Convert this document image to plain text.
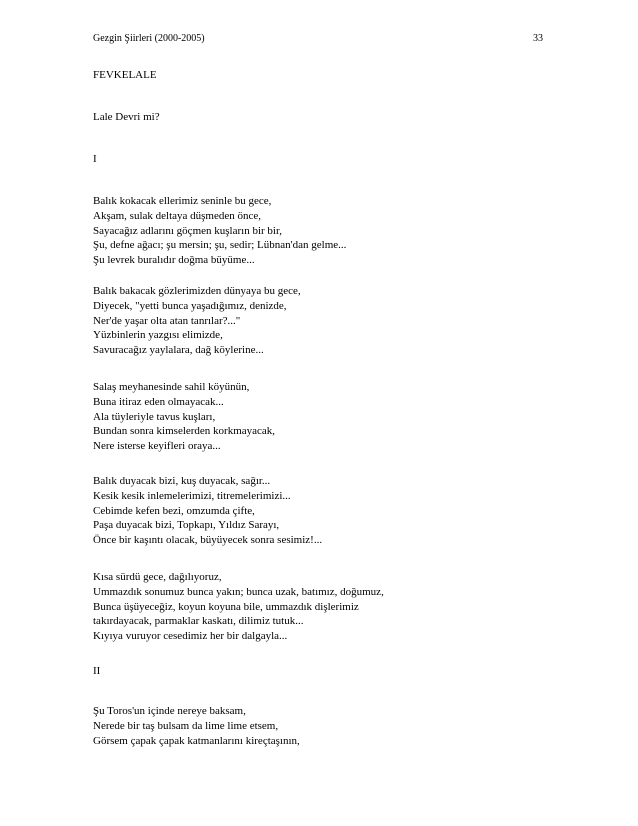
Gezgin Şiirleri (2000-2005)	33
FEVKELALE
Lale Devri mi?
I
Balık kokacak ellerimiz seninle bu gece,
Akşam, sulak deltaya düşmeden önce,
Sayacağız adlarını göçmen kuşların bir bir,
Şu, defne ağacı; şu mersin; şu, sedir; Lübnan'dan gelme...
Şu levrek buralıdır doğma büyüme...
Balık bakacak gözlerimizden dünyaya bu gece,
Diyecek, "yetti bunca yaşadığımız, denizde,
Ner'de yaşar olta atan tanrılar?..."
Yüzbinlerin yazgısı elimizde,
Savuracağız yaylalara, dağ köylerine...
Salaş meyhanesinde sahil köyünün,
Buna itiraz eden olmayacak...
Ala tüyleriyle tavus kuşları,
Bundan sonra kimselerden korkmayacak,
Nere isterse keyifleri oraya...
Balık duyacak bizi, kuş duyacak, sağır...
Kesik kesik inlemelerimizi, titremelerimizi...
Cebimde kefen bezi, omzumda çifte,
Paşa duyacak bizi, Topkapı, Yıldız Sarayı,
Önce bir kaşıntı olacak, büyüyecek sonra sesimiz!...
Kısa sürdü gece, dağılıyoruz,
Ummazdık sonumuz bunca yakın; bunca uzak, batımız, doğumuz,
Bunca üşüyeceğiz, koyun koyuna bile, ummazdık dişlerimiz
takırdayacak, parmaklar kaskatı, dilimiz tutuk...
Kıyıya vuruyor cesedimiz her bir dalgayla...
II
Şu Toros'un içinde nereye baksam,
Nerede bir taş bulsam da lime lime etsem,
Görsem çapak çapak katmanlarını kireçtaşının,
